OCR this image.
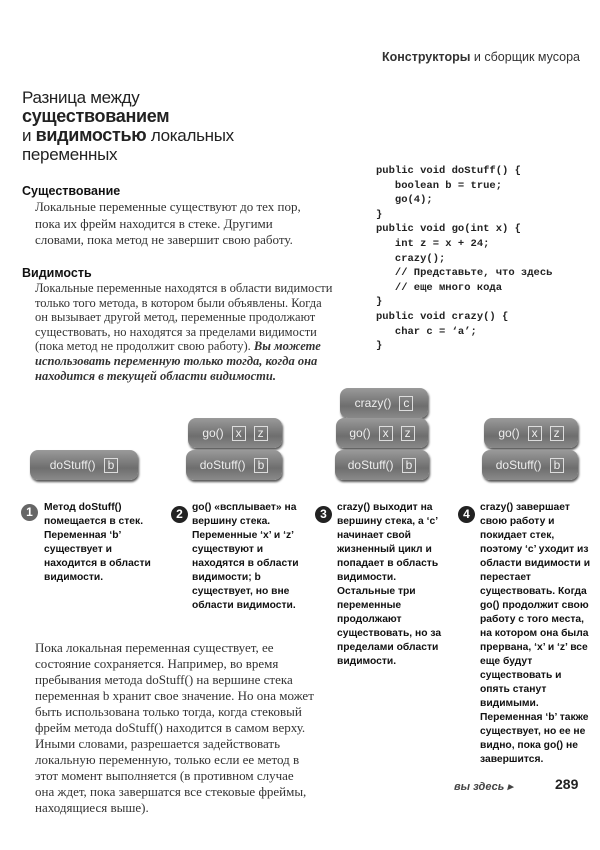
Конструкторы и сборщик мусора
Разница между
существованием
и видимостью локальных
переменных
Существование
Локальные переменные существуют до тех пор, пока их фрейм находится в стеке. Другими словами, пока метод не завершит свою работу.
Видимость
Локальные переменные находятся в области видимости только того метода, в котором были объявлены. Когда он вызывает другой метод, переменные продолжают существовать, но находятся за пределами видимости (пока метод не продолжит свою работу). Вы можете использовать переменную только тогда, когда она находится в текущей области видимости.
public void doStuff() {
boolean b = true;
go(4);
}
public void go(int x) {
int z = x + 24;
crazy();
// Представьте, что здесь
// еще много кода
}
public void crazy() {
char c = ‘a’;
}
doStuff()	b
go()	x	z
doStuff()	b
crazy()	c
go()	x	z
doStuff()	b
go()	x	z
doStuff()	b
1	Метод doStuff() помещается в стек. Переменная ‘b’ существует и находится в области видимости.
2 go() «всплывает» на вершину стека. Переменные ‘x’ и ‘z’ существуют и находятся в области видимости; b существует, но вне области видимости.
3 crazy() выходит на вершину стека, а ‘c’ начинает свой жизненный цикл и попадает в область видимости. Остальные три переменные продолжают существовать, но за пределами области видимости.
4 crazy() завершает свою работу и покидает стек, поэтому ‘c’ уходит из области видимости и перестает существовать. Когда go() продолжит свою работу с того места, на котором она была прервана, ‘x’ и ‘z’ все еще будут существовать и опять станут видимыми. Переменная ‘b’ также существует, но ее не видно, пока go() не завершится.
Пока локальная переменная существует, ее состояние сохраняется. Например, во время пребывания метода doStuff() на вершине стека переменная b хранит свое значение. Но она может быть использована только тогда, когда стековый фрейм метода doStuff() находится в самом верху. Иными словами, разрешается задействовать локальную переменную, только если ее метод в этот момент выполняется (в противном случае она ждет, пока завершатся все стековые фреймы, находящиеся выше).
вы здесь ▸	289
